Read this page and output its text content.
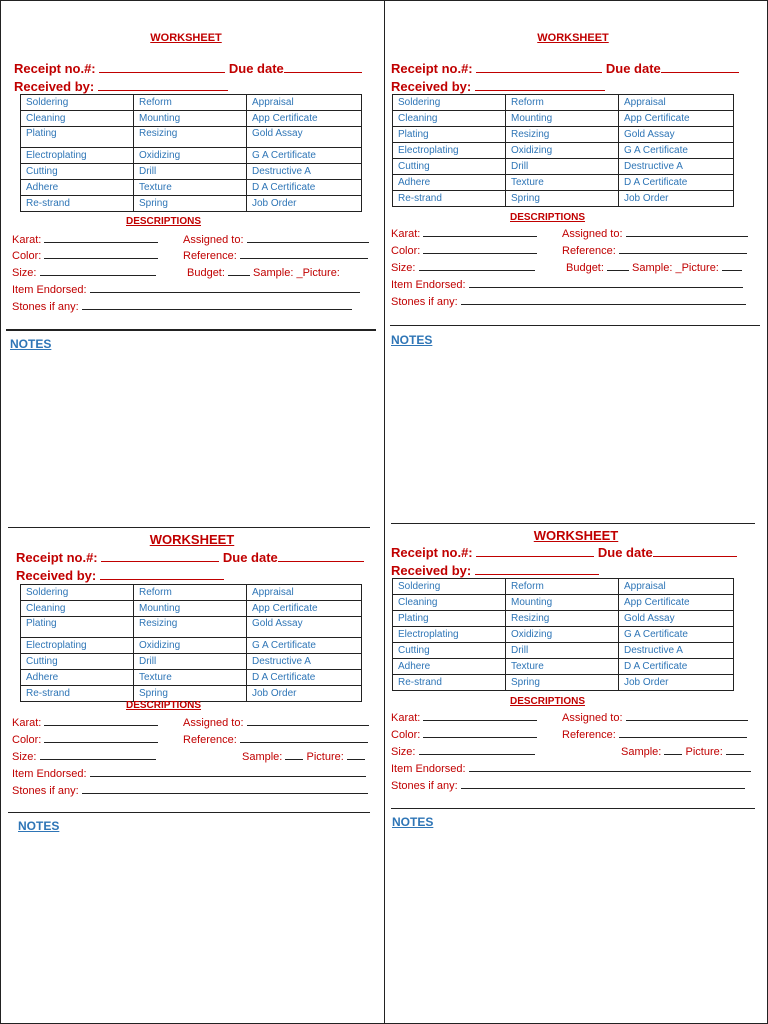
WORKSHEET
Receipt no.#:	Due date
Received by:
Soldering	Reform	Appraisal
Cleaning	Mounting	App Certificate
Plating	Resizing	Gold Assay
Electroplating	Oxidizing	G A Certificate
Cutting	Drill	Destructive A
Adhere	Texture	D A Certificate
Re-strand	Spring	Job Order
DESCRIPTIONS
Karat:	Assigned to:
Color:	Reference:
Size:	Budget:	Sample: _Picture:
Item Endorsed:
Stones if any:
NOTES
WORKSHEET
Receipt no.#:	Due date
Received by:
Soldering	Reform	Appraisal
Cleaning	Mounting	App Certificate
Plating	Resizing	Gold Assay
Electroplating	Oxidizing	G A Certificate
Cutting	Drill	Destructive A
Adhere	Texture	D A Certificate
Re-strand	Spring	Job Order
DESCRIPTIONS
Karat:	Assigned to:
Color:	Reference:
Size:	Budget:	Sample: _Picture:
Item Endorsed:
Stones if any:
NOTES
WORKSHEET
Receipt no.#:	Due date
Received by:
Soldering	Reform	Appraisal
Cleaning	Mounting	App Certificate
Plating	Resizing	Gold Assay
Electroplating	Oxidizing	G A Certificate
Cutting	Drill	Destructive A
Adhere	Texture	D A Certificate
Re-strand	Spring	Job Order
DESCRIPTIONS
Karat:	Assigned to:
Color:	Reference:
Size:	Sample: Picture:
Item Endorsed:
Stones if any:
NOTES
WORKSHEET
Receipt no.#:	Due date
Received by:
Soldering	Reform	Appraisal
Cleaning	Mounting	App Certificate
Plating	Resizing	Gold Assay
Electroplating	Oxidizing	G A Certificate
Cutting	Drill	Destructive A
Adhere	Texture	D A Certificate
Re-strand	Spring	Job Order
DESCRIPTIONS
Karat:	Assigned to:
Color:	Reference:
Size:	Sample: Picture:
Item Endorsed:
Stones if any:
NOTES
